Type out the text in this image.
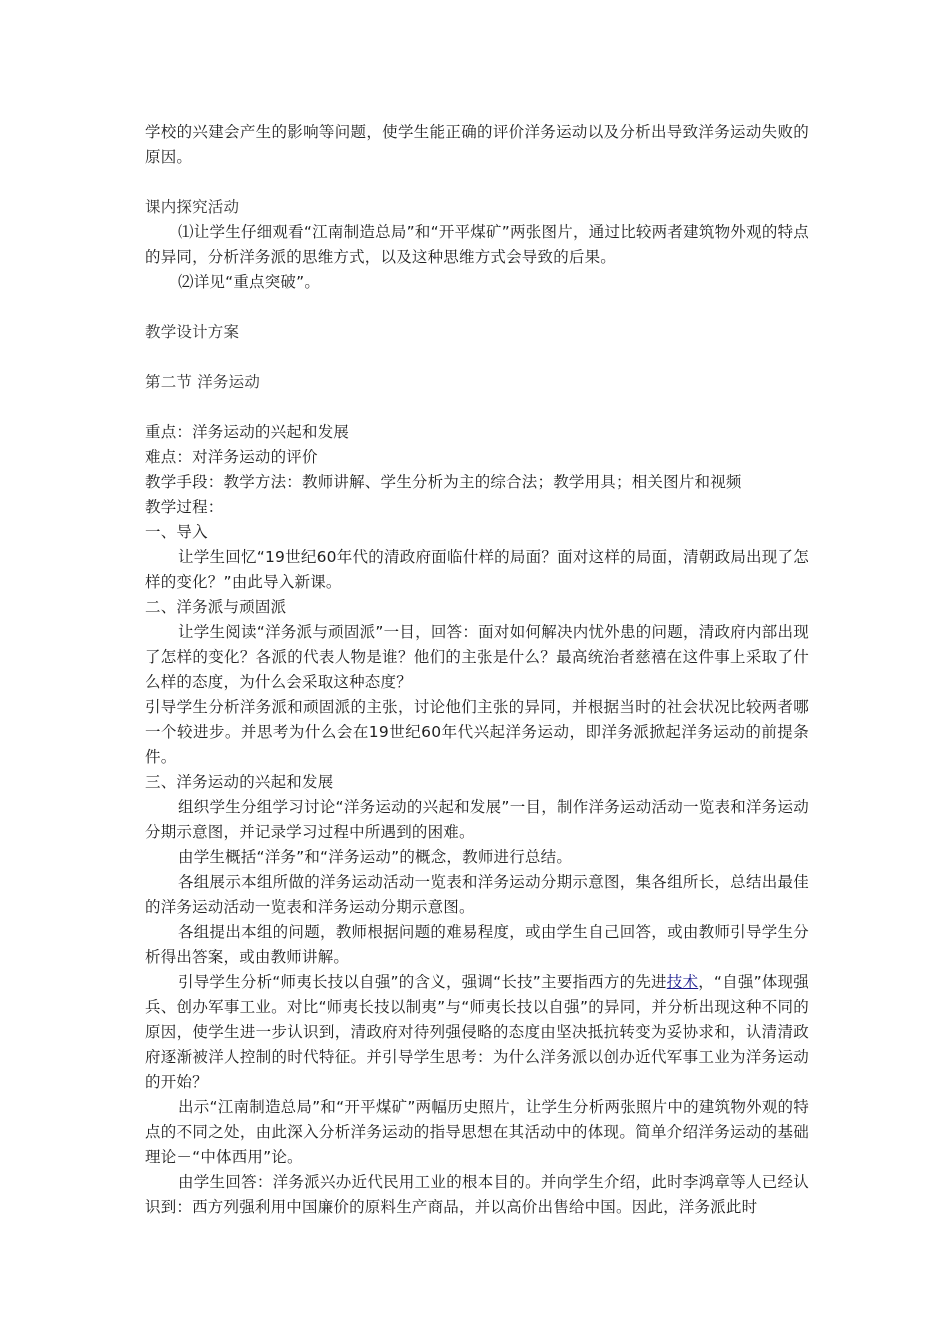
学校的兴建会产生的影响等问题，使学生能正确的评价洋务运动以及分析出导致洋务运动失败的原因。

课内探究活动

⑴让学生仔细观看“江南制造总局”和“开平煤矿”两张图片，通过比较两者建筑物外观的特点的异同，分析洋务派的思维方式，以及这种思维方式会导致的后果。

⑵详见“重点突破”。

教学设计方案

第二节 洋务运动

重点：洋务运动的兴起和发展

难点：对洋务运动的评价

教学手段：教学方法：教师讲解、学生分析为主的综合法；教学用具；相关图片和视频

教学过程：

一、导入

让学生回忆“19世纪60年代的清政府面临什样的局面？面对这样的局面，清朝政局出现了怎样的变化？”由此导入新课。

二、洋务派与顽固派

让学生阅读“洋务派与顽固派”一目，回答：面对如何解决内忧外患的问题，清政府内部出现了怎样的变化？各派的代表人物是谁？他们的主张是什么？最高统治者慈禧在这件事上采取了什么样的态度，为什么会采取这种态度？

引导学生分析洋务派和顽固派的主张，讨论他们主张的异同，并根据当时的社会状况比较两者哪一个较进步。并思考为什么会在19世纪60年代兴起洋务运动，即洋务派掀起洋务运动的前提条件。

三、洋务运动的兴起和发展

组织学生分组学习讨论“洋务运动的兴起和发展”一目，制作洋务运动活动一览表和洋务运动分期示意图，并记录学习过程中所遇到的困难。

由学生概括“洋务”和“洋务运动”的概念，教师进行总结。

各组展示本组所做的洋务运动活动一览表和洋务运动分期示意图，集各组所长，总结出最佳的洋务运动活动一览表和洋务运动分期示意图。

各组提出本组的问题，教师根据问题的难易程度，或由学生自己回答，或由教师引导学生分析得出答案，或由教师讲解。

引导学生分析“师夷长技以自强”的含义，强调“长技”主要指西方的先进技术，“自强”体现强兵、创办军事工业。对比“师夷长技以制夷”与“师夷长技以自强”的异同，并分析出现这种不同的原因，使学生进一步认识到，清政府对待列强侵略的态度由坚决抵抗转变为妥协求和，认清清政府逐渐被洋人控制的时代特征。并引导学生思考：为什么洋务派以创办近代军事工业为洋务运动的开始？

出示“江南制造总局”和“开平煤矿”两幅历史照片，让学生分析两张照片中的建筑物外观的特点的不同之处，由此深入分析洋务运动的指导思想在其活动中的体现。简单介绍洋务运动的基础理论－“中体西用”论。

由学生回答：洋务派兴办近代民用工业的根本目的。并向学生介绍，此时李鸿章等人已经认识到：西方列强利用中国廉价的原料生产商品，并以高价出售给中国。因此，洋务派此时
